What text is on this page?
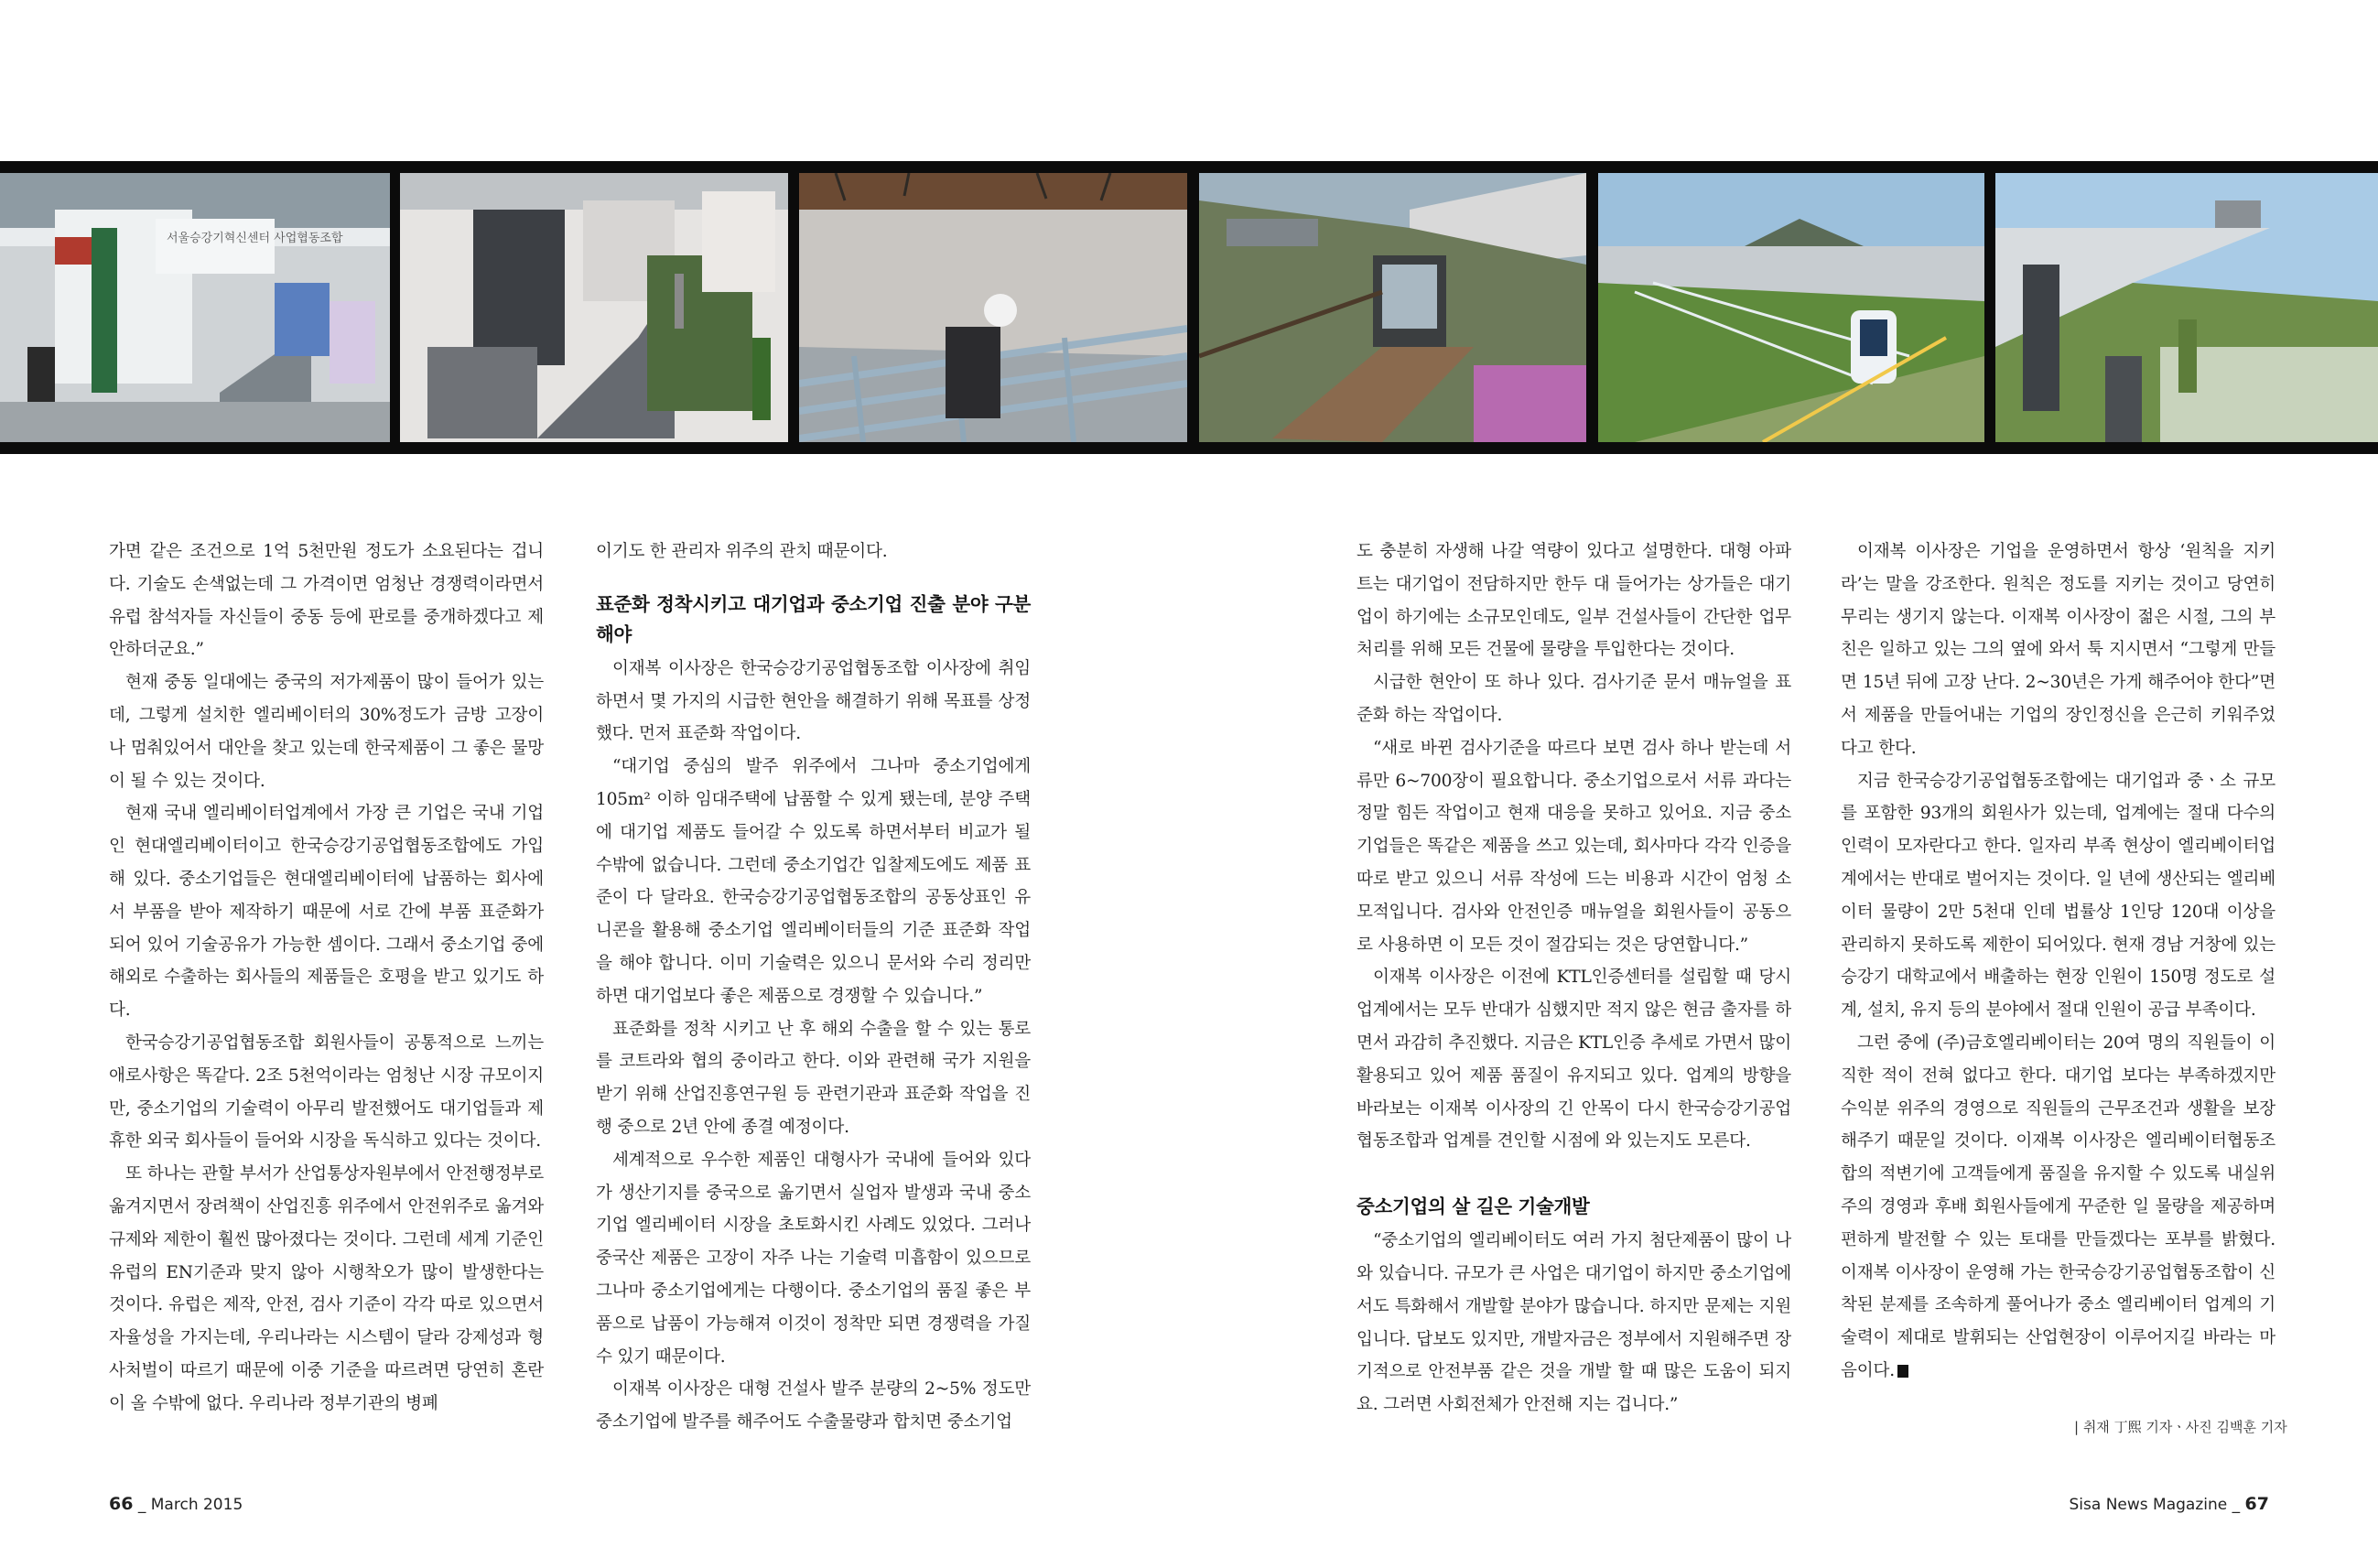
서울승강기혁신센터 사업협동조합

가면 같은 조건으로 1억 5천만원 정도가 소요된다는 겁니다. 기술도 손색없는데 그 가격이면 엄청난 경쟁력이라면서 유럽 참석자들 자신들이 중동 등에 판로를 중개하겠다고 제안하더군요.”

현재 중동 일대에는 중국의 저가제품이 많이 들어가 있는데, 그렇게 설치한 엘리베이터의 30%정도가 금방 고장이 나 멈춰있어서 대안을 찾고 있는데 한국제품이 그 좋은 물망이 될 수 있는 것이다.

현재 국내 엘리베이터업계에서 가장 큰 기업은 국내 기업인 현대엘리베이터이고 한국승강기공업협동조합에도 가입해 있다. 중소기업들은 현대엘리베이터에 납품하는 회사에서 부품을 받아 제작하기 때문에 서로 간에 부품 표준화가 되어 있어 기술공유가 가능한 셈이다. 그래서 중소기업 중에 해외로 수출하는 회사들의 제품들은 호평을 받고 있기도 하다.

한국승강기공업협동조합 회원사들이 공통적으로 느끼는 애로사항은 똑같다. 2조 5천억이라는 엄청난 시장 규모이지만, 중소기업의 기술력이 아무리 발전했어도 대기업들과 제휴한 외국 회사들이 들어와 시장을 독식하고 있다는 것이다.

또 하나는 관할 부서가 산업통상자원부에서 안전행정부로 옮겨지면서 장려책이 산업진흥 위주에서 안전위주로 옮겨와 규제와 제한이 훨씬 많아졌다는 것이다. 그런데 세계 기준인 유럽의 EN기준과 맞지 않아 시행착오가 많이 발생한다는 것이다. 유럽은 제작, 안전, 검사 기준이 각각 따로 있으면서 자율성을 가지는데, 우리나라는 시스템이 달라 강제성과 형사처벌이 따르기 때문에 이중 기준을 따르려면 당연히 혼란이 올 수밖에 없다. 우리나라 정부기관의 병폐

이기도 한 관리자 위주의 관치 때문이다.

표준화 정착시키고 대기업과 중소기업 진출 분야 구분해야

이재복 이사장은 한국승강기공업협동조합 이사장에 취임하면서 몇 가지의 시급한 현안을 해결하기 위해 목표를 상정했다. 먼저 표준화 작업이다.

“대기업 중심의 발주 위주에서 그나마 중소기업에게 105m² 이하 임대주택에 납품할 수 있게 됐는데, 분양 주택에 대기업 제품도 들어갈 수 있도록 하면서부터 비교가 될 수밖에 없습니다. 그런데 중소기업간 입찰제도에도 제품 표준이 다 달라요. 한국승강기공업협동조합의 공동상표인 유니콘을 활용해 중소기업 엘리베이터들의 기준 표준화 작업을 해야 합니다. 이미 기술력은 있으니 문서와 수리 정리만 하면 대기업보다 좋은 제품으로 경쟁할 수 있습니다.”

표준화를 정착 시키고 난 후 해외 수출을 할 수 있는 통로를 코트라와 협의 중이라고 한다. 이와 관련해 국가 지원을 받기 위해 산업진흥연구원 등 관련기관과 표준화 작업을 진행 중으로 2년 안에 종결 예정이다.

세계적으로 우수한 제품인 대형사가 국내에 들어와 있다가 생산기지를 중국으로 옮기면서 실업자 발생과 국내 중소기업 엘리베이터 시장을 초토화시킨 사례도 있었다. 그러나 중국산 제품은 고장이 자주 나는 기술력 미흡함이 있으므로 그나마 중소기업에게는 다행이다. 중소기업의 품질 좋은 부품으로 납품이 가능해져 이것이 정착만 되면 경쟁력을 가질 수 있기 때문이다.

이재복 이사장은 대형 건설사 발주 분량의 2~5% 정도만 중소기업에 발주를 해주어도 수출물량과 합치면 중소기업

도 충분히 자생해 나갈 역량이 있다고 설명한다. 대형 아파트는 대기업이 전담하지만 한두 대 들어가는 상가들은 대기업이 하기에는 소규모인데도, 일부 건설사들이 간단한 업무처리를 위해 모든 건물에 물량을 투입한다는 것이다.

시급한 현안이 또 하나 있다. 검사기준 문서 매뉴얼을 표준화 하는 작업이다.

“새로 바뀐 검사기준을 따르다 보면 검사 하나 받는데 서류만 6~700장이 필요합니다. 중소기업으로서 서류 과다는 정말 힘든 작업이고 현재 대응을 못하고 있어요. 지금 중소기업들은 똑같은 제품을 쓰고 있는데, 회사마다 각각 인증을 따로 받고 있으니 서류 작성에 드는 비용과 시간이 엄청 소모적입니다. 검사와 안전인증 매뉴얼을 회원사들이 공동으로 사용하면 이 모든 것이 절감되는 것은 당연합니다.”

이재복 이사장은 이전에 KTL인증센터를 설립할 때 당시 업계에서는 모두 반대가 심했지만 적지 않은 현금 출자를 하면서 과감히 추진했다. 지금은 KTL인증 추세로 가면서 많이 활용되고 있어 제품 품질이 유지되고 있다. 업계의 방향을 바라보는 이재복 이사장의 긴 안목이 다시 한국승강기공업협동조합과 업계를 견인할 시점에 와 있는지도 모른다.

중소기업의 살 길은 기술개발

“중소기업의 엘리베이터도 여러 가지 첨단제품이 많이 나와 있습니다. 규모가 큰 사업은 대기업이 하지만 중소기업에서도 특화해서 개발할 분야가 많습니다. 하지만 문제는 지원입니다. 답보도 있지만, 개발자금은 정부에서 지원해주면 장기적으로 안전부품 같은 것을 개발 할 때 많은 도움이 되지요. 그러면 사회전체가 안전해 지는 겁니다.”

이재복 이사장은 기업을 운영하면서 항상 ‘원칙을 지키라’는 말을 강조한다. 원칙은 정도를 지키는 것이고 당연히 무리는 생기지 않는다. 이재복 이사장이 젊은 시절, 그의 부친은 일하고 있는 그의 옆에 와서 툭 지시면서 “그렇게 만들면 15년 뒤에 고장 난다. 2~30년은 가게 해주어야 한다”면서 제품을 만들어내는 기업의 장인정신을 은근히 키워주었다고 한다.

지금 한국승강기공업협동조합에는 대기업과 중ㆍ소 규모를 포함한 93개의 회원사가 있는데, 업계에는 절대 다수의 인력이 모자란다고 한다. 일자리 부족 현상이 엘리베이터업계에서는 반대로 벌어지는 것이다. 일 년에 생산되는 엘리베이터 물량이 2만 5천대 인데 법률상 1인당 120대 이상을 관리하지 못하도록 제한이 되어있다. 현재 경남 거창에 있는 승강기 대학교에서 배출하는 현장 인원이 150명 정도로 설계, 설치, 유지 등의 분야에서 절대 인원이 공급 부족이다.

그런 중에 (주)금호엘리베이터는 20여 명의 직원들이 이직한 적이 전혀 없다고 한다. 대기업 보다는 부족하겠지만 수익분 위주의 경영으로 직원들의 근무조건과 생활을 보장해주기 때문일 것이다. 이재복 이사장은 엘리베이터협동조합의 적변기에 고객들에게 품질을 유지할 수 있도록 내실위주의 경영과 후배 회원사들에게 꾸준한 일 물량을 제공하며 편하게 발전할 수 있는 토대를 만들겠다는 포부를 밝혔다. 이재복 이사장이 운영해 가는 한국승강기공업협동조합이 신착된 분제를 조속하게 풀어나가 중소 엘리베이터 업계의 기술력이 제대로 발휘되는 산업현장이 이루어지길 바라는 마음이다. S

| 취재 丁熙 기자ㆍ사진 김백훈 기자
66 _ March 2015	Sisa News Magazine _ 67
